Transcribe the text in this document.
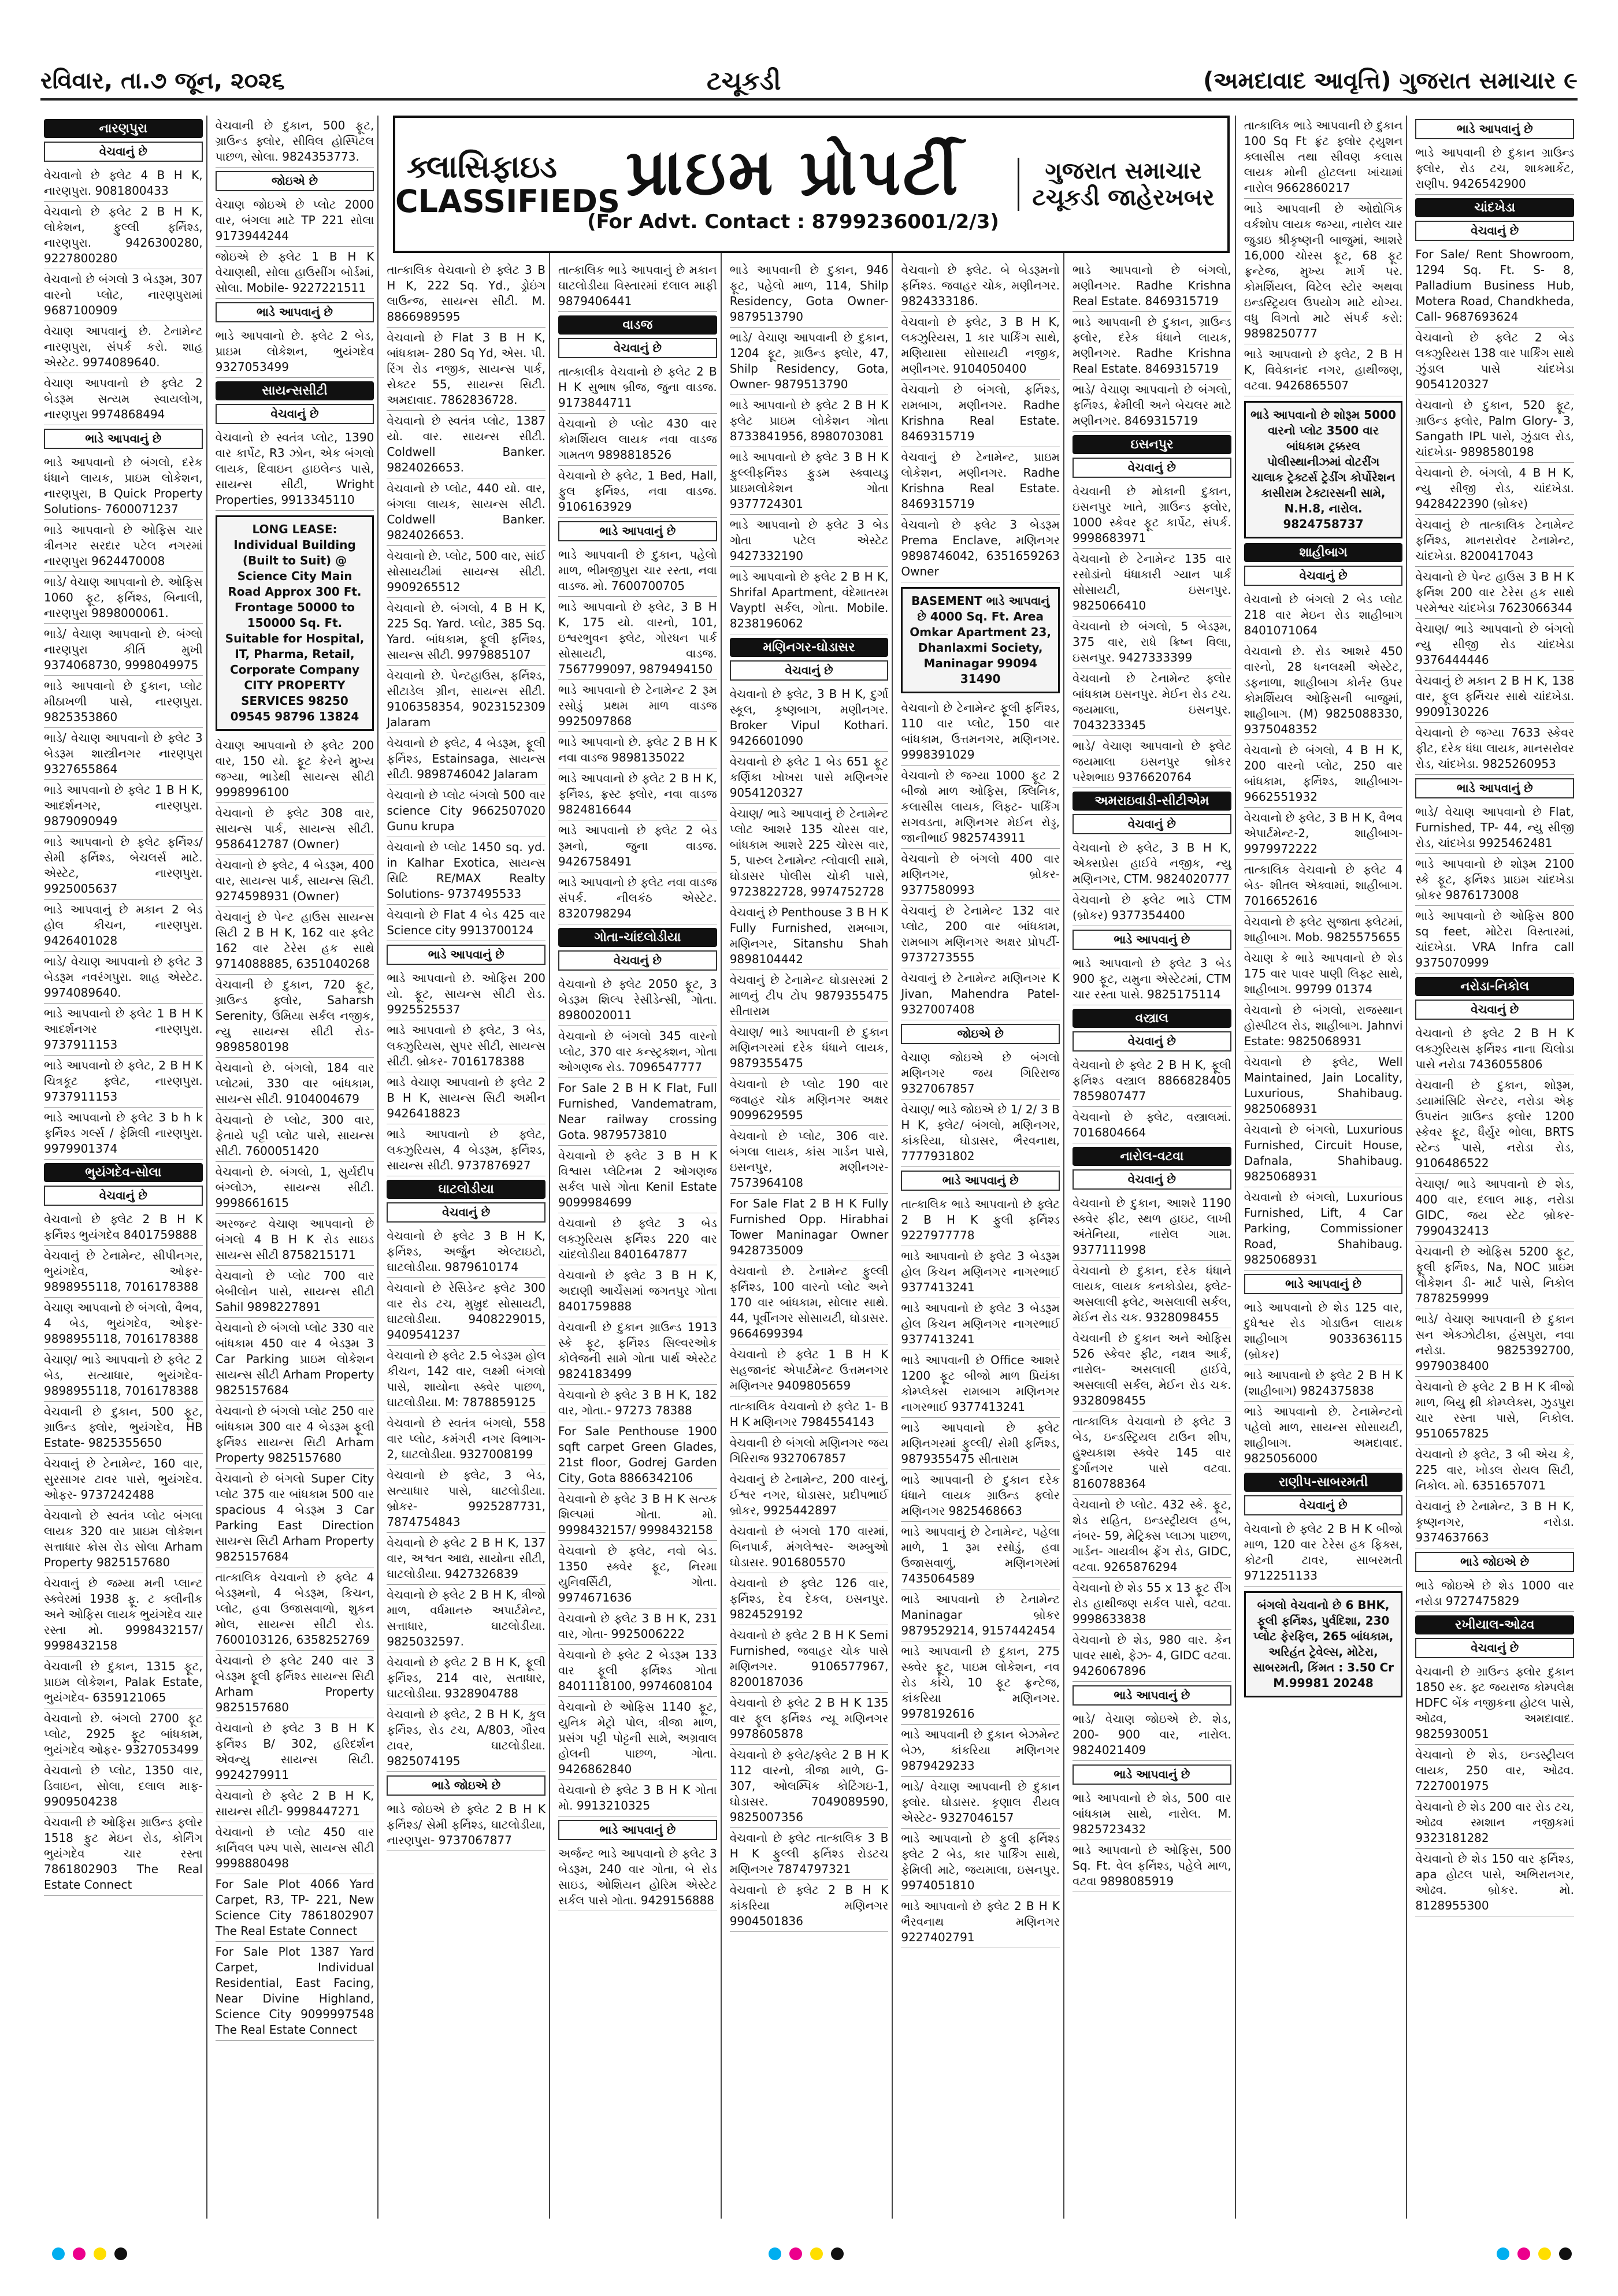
રવિવાર, તા.૭ જૂન, ૨૦૨૬	ટચૂકડી	(અમદાવાદ આવૃત્તિ) ગુજરાત સમાચાર ૯
નારણપુરા
વેચવાનું છે
વેચવાનો છે ફ્લેટ 4 B H K, નારણપુરા. 9081800433
વેચવાનો છે ફ્લેટ 2 B H K, લોકેશન, ફુલ્લી ફર્નિશ્ડ, નારણપુરા. 9426300280, 9227800280
વેચવાનો છે બંગલો 3 બેડરૂમ, 307 વારનો પ્લોટ, નારણપુરામાં 9687100909
વેચાણ આપવાનું છે. ટેનામેન્ટ નારણપુરા, સંપર્ક કરો. શાહ એસ્ટેટ. 9974089640.
વેચાણ આપવાનો છે ફ્લેટ 2 બેડરૂમ સત્યમ સ્વાયલોગ, નારણપુરા 9974868494
ભાડે આપવાનું છે
ભાડે આપવાનો છે બંગલો, દરેક ધંધાને લાયક, પ્રાઇમ લોકેશન, નારણપુરા, B Quick Property Solutions- 7600071237
ભાડે આપવાનો છે ઓફિસ ચાર ત્રીનગર સરદાર પટેલ નગરમાં નારણપુરા 9624470008
ભાડે/ વેચાણ આપવાનો છે. ઓફિસ 1060 ફૂટ, ફર્નિશ્ડ, બિનાલી, નારણપુરા 9898000061.
ભાડે/ વેચાણ આપવાનો છે. બંગ્લો નારણપુરા કીર્તિ મુખી 9374068730, 9998049975
ભાડે આપવાનો છે દુકાન, પ્લોટ મીઠાખળી પાસે, નારણપુરા. 9825353860
ભાડે/ વેચાણ આપવાનો છે ફ્લેટ 3 બેડરૂમ શાસ્ત્રીનગર નારણપુરા 9327655864
ભાડે આપવાનો છે ફ્લેટ 1 B H K, આદર્શનગર, નારણપુરા. 9879090949
ભાડે આપવાનો છે ફ્લેટ ફર્નિશ્ડ/ સેમી ફર્નિશ્ડ, બેચલર્સ માટે. એસ્ટેટ, નારણપુરા. 9925005637
ભાડે આપવાનું છે મકાન 2 બેડ હોલ કીચન, નારણપુરા. 9426401028
ભાડે/ વેચાણ આપવાનો છે ફ્લેટ 3 બેડરૂમ નવરંગપુરા. શાહ એસ્ટેટ. 9974089640.
ભાડે આપવાનો છે ફ્લેટ 1 B H K આદર્શનગર નારણપુરા. 9737911153
ભાડે આપવાનો છે ફ્લેટ, 2 B H K ચિત્રકૂટ ફ્લેટ, નારણપુરા. 9737911153
ભાડે આપવાનો છે ફ્લેટ 3 b h k ફર્નિશ્ડ ગર્લ્સ / ફેમિલી નારણપુરા. 9979901374
ભુયંગદેવ-સોલા
વેચવાનું છે
વેચવાનો છે ફ્લેટ 2 B H K ફર્નિશ્ડ ભુયંગદેવ 8401759888
વેચવાનું છે ટેનામેન્ટ, સીપીનગર, ભુયંગદેવ, ઓફર- 9898955118, 7016178388
વેચાણ આપવાનો છે બંગલો, વૈભવ, 4 બેડ, ભુયંગદેવ, ઓફર- 9898955118, 7016178388
વેચાણ/ ભાડે આપવાનો છે ફ્લેટ 2 બેડ, સત્યાધાર, ભુયંગદેવ- 9898955118, 7016178388
વેચવાની છે દુકાન, 500 ફૂટ, ગ્રાઉન્ડ ફ્લોર, ભુયંગદેવ, HB Estate- 9825355650
વેચવાનું છે ટેનામેન્ટ, 160 વાર, સુરસાગર ટાવર પાસે, ભુયંગદેવ. ઓફર- 9737242488
વેચવાનો છે સ્વતંત્ર પ્લોટ બંગલા લાયક 320 વાર પ્રાઇમ લોકેશન સત્તાધાર ક્રોસ રોડ સોલા Arham Property 9825157680
વેચવાનું છે જમ્યા મની પ્લાન્ટ સ્ક્વેરમાં 1938 ફૂ. ટ ક્લીનીક અને ઓફિસ લાયક ભુયંગદેવ ચાર રસ્તા મો. 9998432157/ 9998432158
વેચવાની છે દુકાન, 1315 ફૂટ, પ્રાઇમ લોકેશન, Palak Estate, ભુયંગદેવ- 6359121065
વેચવાનો છે. બંગલો 2700 ફૂટ પ્લોટ, 2925 ફૂટ બાંધકામ, ભુયંગદેવ ઓફર- 9327053499
વેચવાનો છે પ્લોટ, 1350 વાર, ડિવાઇન, સોલા, દલાલ માફ- 9909504238
વેચવાની છે ઓફિસ ગ્રાઉન્ડ ફ્લોર 1518 ફુટ મેઇન રોડ, કોર્નિંગ ભુયંગદેવ ચાર રસ્તા 7861802903 The Real Estate Connect
વેચવાની છે દુકાન, 500 ફૂટ, ગ્રાઉન્ડ ફ્લોર, સીવિલ હોસ્પિટલ પાછળ, સોલા. 9824353773.
જોઇએ છે
વેચાણ જોઇએ છે પ્લોટ 2000 વાર, બંગલા માટે TP 221 સોલા 9173944244
જોઇએ છે ફ્લેટ 1 B H K વેચાણથી, સોલા હાઉસીંગ બોર્ડમાં, સોલા. Mobile- 9227221511
ભાડે આપવાનું છે
ભાડે આપવાનો છે. ફ્લેટ 2 બેડ, પ્રાઇમ લોકેશન, ભુયંગદેવ 9327053499
સાયન્સસીટી
વેચવાનું છે
વેચવાનો છે સ્વતંત્ર પ્લોટ, 1390 વાર કાર્પેટ, R3 ઝોન, એક બંગલો લાયક, દિવાઇન હાઇલેન્ડ પાસે, સાયન્સ સીટી, Wright Properties, 9913345110
LONG LEASE: Individual Building (Built to Suit) @ Science City Main Road Approx 300 Ft. Frontage 50000 to 150000 Sq. Ft. Suitable for Hospital, IT, Pharma, Retail, Corporate Company CITY PROPERTY SERVICES 98250 09545 98796 13824
વેચાણ આપવાનો છે ફ્લેટ 200 વાર, 150 યો. ફૂટ કેરને મુખ્ય જગ્યા, ભાડેથી સાયન્સ સીટી 9998996100
વેચવાનો છે ફ્લેટ 308 વાર, સાયન્સ પાર્ક, સાયન્સ સીટી. 9586412787 (Owner)
વેચવાનો છે ફ્લેટ, 4 બેડરૂમ, 400 વાર, સાયન્સ પાર્ક, સાયન્સ સિટી. 9274598931 (Owner)
વેચવાનું છે પેન્ટ હાઉસ સાયન્સ સિટી 2 B H K, 162 વાર ફ્લેટ 162 વાર ટેરેસ હક સાથે 9714088885, 6351040268
વેચવાની છે દુકાન, 720 ફૂટ, ગ્રાઉન્ડ ફ્લોર, Saharsh Serenity, ઉમિયા સર્કલ નજીક, ન્યુ સાયન્સ સીટી રોડ- 9898580198
વેચવાનો છે. બંગલો, 184 વાર પ્લોટમાં, 330 વાર બાંધકામ, સાયન્સ સીટી. 9104004679
વેચવાનો છે પ્લોટ, 300 વાર, ફેતાયે પટ્ટી પ્લોટ પાસે, સાયન્સ સીટી. 7600051420
વેચવાનો છે. બંગલો, 1, સુર્યદીપ બંગ્લોઝ, સાયન્સ સીટી. 9998661615
અરજન્ટ વેચાણ આપવાનો છે બંગલો 4 B H K રોડ સાઇડ સાયન્સ સીટી 8758215171
વેચવાનો છે પ્લોટ 700 વાર બેબીલોન પાસે, સાયન્સ સીટી Sahil 9898227891
વેચવાનો છે બંગલો પ્લોટ 330 વાર બાંધકામ 450 વાર 4 બેડરૂમ 3 Car Parking પ્રાઇમ લોકેશન સાયન્સ સીટી Arham Property 9825157684
વેચવાનો છે બંગલો પ્લોટ 250 વાર બાંધકામ 300 વાર 4 બેડરૂમ ફૂલી ફર્નિશ્ડ સાયન્સ સિટી Arham Property 9825157680
વેચવાનો છે બંગલો Super City પ્લોટ 375 વાર બાંધકામ 500 વાર spacious 4 બેડરૂમ 3 Car Parking East Direction સાયન્સ સિટી Arham Property 9825157684
તાત્કાલિક વેચવાનો છે ફ્લેટ 4 બેડરૂમનો, 4 બેડરૂમ, કિચન, પ્લોટ, હવા ઉજાસવાળો, શુકન મોલ, સાયન્સ સીટી રોડ. 7600103126, 6358252769
વેચવાનો છે ફ્લેટ 240 વાર 3 બેડરૂમ ફૂલી ફર્નિશ્ડ સાયન્સ સિટી Arham Property 9825157680
વેચવાનો છે ફ્લેટ 3 B H K ફર્નિશ્ડ B/ 302, હરિદર્શન એવન્યુ સાયન્સ સિટી. 9924279911
વેચવાનો છે ફ્લેટ 2 B H K, સાયન્સ સીટી- 9998447271
વેચવાનો છે પ્લોટ 450 વાર કાર્નિવલ પમ્પ પાસે, સાયન્સ સીટી 9998880498
For Sale Plot 4066 Yard Carpet, R3, TP- 221, New Science City 7861802907 The Real Estate Connect
For Sale Plot 1387 Yard Carpet, Individual Residential, East Facing, Near Divine Highland, Science City 9099997548 The Real Estate Connect
તાત્કાલિક વેચવાનો છે ફ્લેટ 3 B H K, 222 Sq. Yd., ડ્રોઇંગ લાઉન્જ, સાયન્સ સીટી. M. 8866989595
વેચવાનો છે Flat 3 B H K, બાંધકામ- 280 Sq Yd, એસ. પી. રિંગ રોડ નજીક, સાયન્સ પાર્ક, સેક્ટર 55, સાયન્સ સિટી. અમદાવાદ. 7862836728.
વેચવાનો છે સ્વતંત્ર પ્લોટ, 1387 યો. વાર. સાયન્સ સીટી. Coldwell Banker. 9824026653.
વેચવાનો છે પ્લોટ, 440 યો. વાર, બંગલા લાયક, સાયન્સ સીટી. Coldwell Banker. 9824026653.
વેચવાનો છે. પ્લોટ, 500 વાર, સાંઈ સોસાયટીમાં સાયન્સ સીટી. 9909265512
વેચવાનો છે. બંગલો, 4 B H K, 225 Sq. Yard. પ્લોટ, 385 Sq. Yard. બાંધકામ, ફૂલી ફર્નિશ્ડ, સાયન્સ સીટી. 9979885107
વેચવાનો છે. પેન્ટહાઉસ, ફર્નિશ્ડ, સીટાડેલ ગ્રીન, સાયન્સ સીટી. 9106358354, 9023152309 Jalaram
વેચવાનો છે ફ્લેટ, 4 બેડરૂમ, ફૂલી ફર્નિશ્ડ, Estainsaga, સાયન્સ સીટી. 9898746042 Jalaram
વેચવાનો છે પ્લોટ બંગલો 500 વાર science City 9662507020 Gunu krupa
વેચવાનો છે પ્લોટ 1450 sq. yd. in Kalhar Exotica, સાયન્સ સિટિ RE/MAX Realty Solutions- 9737495533
વેચવાનો છે Flat 4 બેડ 425 વાર Science city 9913700124
ભાડે આપવાનું છે
ભાડે આપવાનો છે. ઓફિસ 200 યો. ફૂટ, સાયન્સ સીટી રોડ. 9925525537
ભાડે આપવાનો છે ફ્લેટ, 3 બેડ, લક્ઝુરિયસ, સુપર સીટી, સાયન્સ સીટી. બ્રોકર- 7016178388
ભાડે વેચાણ આપવાનો છે ફ્લેટ 2 B H K, સાયન્સ સિટી અમીન 9426418823
ભાડે આપવાનો છે ફ્લેટ, લક્ઝુરિયસ, 4 બેડરૂમ, ફર્નિશ્ડ, સાયન્સ સીટી. 9737876927
ઘાટલોડીયા
વેચવાનું છે
વેચવાનો છે ફ્લેટ 3 B H K, ફર્નિશ્ડ, અર્જુન એલ્ટાઇટો, ઘાટલોડીયા. 9879610174
વેચવાનો છે રેસિડેન્ટ ફ્લેટ 300 વાર રોડ ટચ, મુખ્રુદ સોસાયટી, ઘાટલોડીયા. 9408229015, 9409541237
વેચવાનો છે ફ્લેટ 2.5 બેડરૂમ હોલ કીચન, 142 વાર, લક્ષ્મી બંગલો પાસે, શાયોના સ્ક્વેર પાછળ, ઘાટલોડીયા. M: 7878859125
વેચવાનો છે સ્વતંત્ર બંગલો, 558 વાર પ્લોટ, કમંગરી નગર વિભાગ- 2, ઘાટલોડીયા. 9327008199
વેચવાનો છે ફ્લેટ, 3 બેડ, સત્યાધાર પાસે, ઘાટલોડીયા. બ્રોકર- 9925287731, 7874754843
વેચવાનો છે ફ્લેટ 2 B H K, 137 વાર, અશ્વત આદ્ય, સાયોના સીટી, ઘાટલોડીયા. 9427326839
વેચવાનો છે ફ્લેટ 2 B H K, ત્રીજો માળ, વર્ધમાનરુ અપાર્ટમેન્ટ, સત્તાધાર, ઘાટલોડીયા. 9825032597.
વેચવાનો છે ફ્લેટ 2 B H K, ફૂલી ફર્નિશ્ડ, 214 વાર, સતાધાર, ઘાટલોડીયા. 9328904788
વેચવાનો છે ફ્લેટ, 2 B H K, કુલ ફર્નિશ્ડ, રોડ ટચ, A/803, ગૌરવ ટાવર, ઘાટલોડીયા. 9825074195
ભાડે જોઇએ છે
ભાડે જોઇએ છે ફ્લેટ 2 B H K ફર્નિશ્ડ/ સેમી ફર્નિશ્ડ, ઘાટલોડીયા, નારણપુરા- 9737067877
તાત્કાલિક ભાડે આપવાનું છે મકાન ઘાટલોડીયા વિસ્તારમાં દલાલ માફી 9879406441
વાડજ
વેચવાનું છે
તાત્કાલીક વેચવાનો છે ફ્લેટ 2 B H K સુભાષ બ્રીજ, જુના વાડજ. 9173844711
વેચવાનો છે પ્લોટ 430 વાર કોમર્શિયલ લાયક નવા વાડજ ગામતળ 9898818526
વેચવાનો છે ફ્લેટ, 1 Bed, Hall, ફુલ ફર્નિશ્ડ, નવા વાડજ. 9106163929
ભાડે આપવાનું છે
ભાડે આપવાની છે દુકાન, પહેલો માળ, ભીમજીપુરા ચાર રસ્તા, નવા વાડજ. મો. 7600700705
ભાડે આપવાનો છે ફ્લેટ, 3 B H K, 175 યો. વારનો, 101, ઇશ્વરભુવન ફ્લેટ, ગોરધન પાર્ક સોસાયટી, વાડજ. 7567799097, 9879494150
ભાડે આપવાનો છે ટેનામેન્ટ 2 રૂમ રસોડું પ્રથમ માળ વાડજ 9925097868
ભાડે આપવાનો છે. ફ્લેટ 2 B H K નવા વાડજ 9898135022
ભાડે આપવાનો છે ફ્લેટ 2 B H K, ફર્નિશ્ડ, ફ્રસ્ટ ફ્લોર, નવા વાડજ 9824816644
ભાડે આપવાનો છે ફ્લેટ 2 બેડ રૂમનો, જુના વાડજ. 9426758491
ભાડે આપવાનો છે ફ્લેટ નવા વાડજ સંપર્ક. નીલકંઠ એસ્ટેટ. 8320798294
ગોતા-ચાંદલોડીયા
વેચવાનું છે
વેચવાનો છે ફ્લેટ 2050 ફૂટ, 3 બેડરૂમ શિલ્પ રેસીડેન્સી, ગોતા. 8980020011
વેચવાનો છે બંગલો 345 વારનો પ્લોટ, 370 વાર કન્સ્ટ્રક્શન, ગોતા ઓગણજ રોડ. 7096547777
For Sale 2 B H K Flat, Full Furnished, Vandematram, Near railway crossing Gota. 9879573810
વેચવાનો છે ફ્લેટ 3 B H K વિશ્વાસ પ્લેટિનમ 2 ઓગણજ સર્કલ પાસે ગોતા Kenil Estate 9099984699
વેચવાનો છે ફ્લેટ 3 બેડ લક્ઝુરિયસ ફર્નિશ્ડ 220 વાર ચાંદલોડીયા 8401647877
વેચવાનો છે ફ્લેટ 3 B H K, અદાણી આર્ચેસમાં જગતપુર ગોતા 8401759888
વેચવાની છે દુકાન ગ્રાઉન્ડ 1913 સ્કે ફૂટ, ફર્નિશ્ડ સિલ્વરઓક કોલેજની સામે ગોતા પાર્થ એસ્ટેટ 9824183499
વેચવાનો છે ફ્લેટ 3 B H K, 182 વાર, ગોતા.- 97273 78388
For Sale Penthouse 1900 sqft carpet Green Glades, 21st floor, Godrej Garden City, Gota 8866342106
વેચવાનો છે ફ્લેટ 3 B H K સત્ય્ક શિલ્પમાં ગોતા. મો. 9998432157/ 9998432158
વેચવાનો છે ફ્લેટ, નવો બેડ. 1350 સ્ક્વેર ફૂટ, નિરમા યુનિવર્સિટી, ગોતા. 9974671636
વેચવાનો છે ફ્લેટ 3 B H K, 231 વાર, ગોતા- 9925006222
વેચવાનો છે ફ્લેટ 2 બેડરૂમ 133 વાર ફૂલી ફર્નિશ્ડ ગોતા 8401118100, 9974608104
વેચવાનો છે ઓફિસ 1140 ફૂટ, યુનિક મેટ્રો પોલ, ત્રીજા માળ, પ્રસંગ પટ્ટી પોટ્ટની સામે, અગ્રવાલ હોલની પાછળ, ગોતા. 9426862840
વેચવાનો છે ફ્લેટ 3 B H K ગોતા મો. 9913210325
ભાડે આપવાનું છે
અર્જન્ટ ભાડે આપવાનો છે ફ્લેટ 3 બેડરૂમ, 240 વાર ગોતા, બે રોડ સાઇડ, ઓશિયન હોરિમ એસ્ટેટ સર્કલ પાસે ગોતા. 9429156888
ભાડે આપવાની છે દુકાન, 946 ફૂટ, પહેલો માળ, 114, Shilp Residency, Gota Owner- 9879513790
ભાડે/ વેચાણ આપવાની છે દુકાન, 1204 ફૂટ, ગ્રાઉન્ડ ફ્લોર, 47, Shilp Residency, Gota, Owner- 9879513790
ભાડે આપવાનો છે ફ્લેટ 2 B H K ફ્લેટ પ્રાઇમ લોકેશન ગોતા 8733841956, 8980703081
ભાડે આપવાનો છે ફ્લેટ 3 B H K ફુલ્લીફર્નિશ્ડ ફુડમ સ્ક્વાયડુ પ્રાઇમલોકેશન ગોતા 9377724301
ભાડે આપવાનો છે ફ્લેટ 3 બેડ ગોતા પટેલ એસ્ટેટ 9427332190
ભાડે આપવાનો છે ફ્લેટ 2 B H K, Shrifal Apartment, વંદેમાતરમ Vayptl સર્કલ, ગોતા. Mobile. 8238196062
મણિનગર-ઘોડાસર
વેચવાનું છે
વેચવાનો છે ફ્લેટ, 3 B H K, દુર્ગા સ્કૂલ, કૃષ્ણબાગ, મણીનગર. Broker Vipul Kothari. 9426601090
વેચવાનો છે ફ્લેટ 1 બેડ 651 ફૂટ કર્ણિકા ખોખરા પાસે મણિનગર 9054120327
વેચાણ/ ભાડે આપવાનું છે ટેનામેન્ટ પ્લોટ આશરે 135 ચોરસ વાર, બાંધકામ આશરે 225 ચોરસ વાર, 5, પારુલ ટેનામેન્ટ ત્લોવાલી સામે, ઘોડાસર પોલીસ ચોકી પાસે, 9723822728, 9974752728
વેચવાનું છે Penthouse 3 B H K Fully Furnished, રામબાગ, મણિનગર, Sitanshu Shah 9898104442
વેચવાનું છે ટેનામેન્ટ ઘોડાસરમાં 2 માળનું ટીપ ટોપ 9879355475 સીતારામ
વેચાણ/ ભાડે આપવાની છે દુકાન મણિનગરમાં દરેક ધંધાને લાયક, 9879355475
વેચવાનો છે પ્લોટ 190 વાર જવાહર ચોક મણિનગર અક્ષર 9099629595
વેચવાનો છે પ્લોટ, 306 વાર. બંગલા લાયક, કાંસ ગાર્ડન પાસે, ઇસનપુર, મણીનગર- 7573964108
For Sale Flat 2 B H K Fully Furnished Opp. Hirabhai Tower Maninagar Owner 9428735009
વેચવાનો છે. ટેનામેન્ટ ફુલ્લી ફર્નિશ્ડ, 100 વારનો પ્લોટ અને 170 વાર બાંધકામ, સોલાર સાથે. 44, પૂર્વીનગર સોસાયટી, ઘોડાસર. 9664699394
વેચવાનો છે ફ્લેટ 1 B H K સહજાનંદ એપાર્ટમેન્ટ ઉત્તમનગર મણિનગર 9409805659
તાત્કાલિક વેચવાનો છે ફ્લેટ 1- B H K મણિનગર 7984554143
વેચવાની છે બંગલો મણિનગર જય ગિરિરાજ 9327067857
વેચવાનું છે ટેનામેન્ટ, 200 વારનું, ઈશ્વર નગર, ઘોડાસર, પ્રદીપભાઈ બ્રોકર, 9925442897
વેચવાનો છે બંગલો 170 વારમાં, બિનપાર્ક, મંગલેશ્વર- અમ્બુઓ ઘોડાસર. 9016805570
વેચવાનો છે ફ્લેટ 126 વાર, ફર્નિશ્ડ, દેવ દેકલ, ઇસનપુર. 9824529192
વેચવાનો છે ફ્લેટ 2 B H K Semi Furnished, જવાહર ચોક પાસે મણિનગર. 9106577967, 8200187036
વેચવાનો છે ફ્લેટ 2 B H K 135 વાર ફૂલ ફર્નિશ્ડ ન્યૂ મણિનગર 9978605878
વેચવાનો છે ફલેટ/ફ્લેટ 2 B H K 112 વારનો, ત્રીજા માળે, G- 307, ઓલમ્પિક કોટિંગઇ-1, ઘોડાસર. 7049089590, 9825007356
વેચવાનો છે ફ્લેટ તાત્કાલિક 3 B H K ફુલ્લી ફર્નિશ્ડ રોડટચ મણિનગર 7874797321
વેચવાનો છે ફ્લેટ 2 B H K કાંકરિયા મણિનગર 9904501836
વેચવાનો છે ફ્લેટ. બે બેડરૂમનો ફર્નિશ્ડ. જવાહર ચોક, મણીનગર. 9824333186.
વેચવાનો છે ફ્લેટ, 3 B H K, લક્ઝુરિયસ, 1 કાર પાર્કિંગ સાથે, મણિયાસા સોસાયટી નજીક, મણીનગર. 9104050400
વેચવાનો છે બંગલો, ફર્નિશ્ડ, રામબાગ, મણીનગર. Radhe Krishna Real Estate. 8469315719
વેચવાનું છે ટેનામેન્ટ, પ્રાઇમ લોકેશન, મણીનગર. Radhe Krishna Real Estate. 8469315719
વેચવાનો છે ફ્લેટ 3 બેડરૂમ Prema Enclave, મણિનગર 9898746042, 6351659263 Owner
BASEMENT ભાડે આપવાનું છે 4000 Sq. Ft. Area Omkar Apartment 23, Dhanlaxmi Society, Maninagar 99094 31490
વેચવાનો છે ટેનામેન્ટ ફૂલી ફર્નિશ્ડ, 110 વાર પ્લોટ, 150 વાર બાંધકામ, ઉત્તમનગર, મણિનગર. 9998391029
વેચવાનો છે જગ્યા 1000 ફૂટ 2 બીજો માળ ઓફિસ, ક્લિનિક, કલાસીસ લાયક, લિફ્ટ- પાર્કિંગ સગવડતા, મણિનગર મેઈન રોડ્ડ, જાનીભાઈ 9825743911
વેચવાનો છે બંગલો 400 વાર મણિનગર, બ્રોકર- 9377580993
વેચવાનું છે ટેનામેન્ટ 132 વાર પ્લોટ, 200 વાર બાંધકામ, રામબાગ મણિનગર અક્ષર પ્રોપર્ટી- 9737273555
વેચવાનું છે ટેનામેન્ટ મણિનગર K Jivan, Mahendra Patel- 9327007408
જોઇએ છે
વેચાણ જોઇએ છે બંગલો મણિનગર જય ગિરિરાજ 9327067857
વેચાણ/ ભાડે જોઇએ છે 1/ 2/ 3 B H K, ફ્લેટ/ બંગલો, મણિનગર, કાંકરિયા, ઘોડાસર, ભૈરવનાથ, 7777931802
ભાડે આપવાનું છે
તાત્કાલિક ભાડે આપવાનો છે ફ્લેટ 2 B H K ફુલી ફર્નિશ્ડ 9227977778
ભાડે આપવાનો છે ફ્લેટ 3 બેડરૂમ હોલ કિચન મણિનગર નાગરભાઈ 9377413241
ભાડે આપવાનો છે ફ્લેટ 3 બેડરૂમ હોલ કિચન મણિનગર નાગરભાઈ 9377413241
ભાડે આપવાની છે Office આશરે 1200 ફૂટ બીજો માળ પ્રિયંકા કોમ્પ્લેક્સ રામબાગ મણિનગર નાગરભાઈ 9377413241
ભાડે આપવાનો છે ફ્લેટ મણિનગરમાં ફુલ્લી/ સેમી ફર્નિશ્ડ, 9879355475 સીતારામ
ભાડે આપવાની છે દુકાન દરેક ધંધાને લાયક ગ્રાઉન્ડ ફ્લોર મણિનગર 9825468663
ભાડે આપવાનું છે ટેનામેન્ટ, પહેલા માળે, 1 રૂમ રસોડું, હવા ઉજાસવાળું, મણિનગરમાં 7435064589
ભાડે આપવાનો છે ટેનામેન્ટ Maninagar બ્રોકર 9879529214, 9157442454
ભાડે આપવાની છે દુકાન, 275 સ્ક્વેર ફૂટ, પાઇમ લોકેશન, નવ રોડ કાંચે, 10 ફૂટ ફ્રન્ટેજ, કાંકરિયા મણિનગર. 9978192616
ભાડે આપવાની છે દુકાન બેઝમેન્ટ બેઝ, કાંકરિયા મણિનગર 9879429233
ભાડે/ વેચાણ આપવાની છે દુકાન ફ્લોર. ઘોડાસર. કૃણાલ રીયલ એસ્ટેટ- 9327046157
ભાડે આપવાનો છે ફુલી ફર્નિશ્ડ ફ્લેટ 2 બેડ, કાર પાર્કિંગ સાથે, ફેમિલી માટે, જયમાલા, ઇસનપુર. 9974051810
ભાડે આપવાનો છે ફ્લેટ 2 B H K ભૈરવનાથ મણિનગર 9227402791
ભાડે આપવાનો છે બંગલો, મણીનગર. Radhe Krishna Real Estate. 8469315719
ભાડે આપવાની છે દુકાન, ગ્રાઉન્ડ ફ્લોર, દરેક ધંધાને લાયક, મણીનગર. Radhe Krishna Real Estate. 8469315719
ભાડે/ વેચાણ આપવાનો છે બંગલો, ફર્નિશ્ડ, ક્રેમીલી અને બેચલર માટે મણીનગર. 8469315719
ઇસનપુર
વેચવાનું છે
વેચવાની છે મોકાની દુકાન, ઇસનપુર ખાતે, ગ્રાઉન્ડ ફ્લોર, 1000 સ્કેવર ફૂટ કાર્પેટ, સંપર્ક. 9998683971
વેચવાનો છે ટેનામેન્ટ 135 વાર રસોડાંનો ધંધાકારી ગ્યાન પાર્ક સોસાયટી, ઇસનપુર. 9825066410
વેચવાનો છે બંગલો, 5 બેડરૂમ, 375 વાર, રાધે ક્રિષ્ન વિલા, ઇસનપુર. 9427333399
વેચવાનો છે ટેનામેન્ટ ફ્લોર બાંધકામ ઇસનપુર. મેઈન રોડ ટચ. જયમાલા, ઇસનપુર. 7043233345
ભાડે/ વેચાણ આપવાનો છે ફ્લેટ જયમાલા ઇસનપુર બ્રોકર પરેશભાઇ 9376620764
અમરાઇવાડી-સીટીએમ
વેચવાનું છે
વેચવાનો છે ફ્લેટ, 3 B H K, એક્સપ્રેસ હાઈવે નજીક, ન્યુ મણિનગર, CTM. 9824020777
વેચવાનો છે ફ્લેટ ભાડે CTM (બ્રોકર) 9377354400
ભાડે આપવાનું છે
ભાડે આપવાનો છે ફ્લેટ 3 બેડ 900 ફૂટ, યમુના એસ્ટેટમાં, CTM ચાર રસ્તા પાસે. 9825175114
વસ્ત્રાલ
વેચવાનું છે
વેચવાનો છે ફ્લેટ 2 B H K, ફૂલી ફર્નિશ્ડ વસ્ત્રાલ 8866828405 7859807477
વેચવાનો છે ફ્લેટ, વસ્ત્રાલમાં. 7016804664
નારોલ-વટવા
વેચવાનું છે
વેચવાનો છે દુકાન, આશરે 1190 સ્ક્વેર ફીટ, સ્થળ હાઇટ, લાખી અંતેનિયા, નારોલ ગામ. 9377111998
વેચવાનો છે દુકાન, દરેક ધંધાને લાયક, લાયક કનકોડોય, ફ્લેટ- અસલાલી ફ્લેટ, અસલાલી સર્કલ, મેઈન રોડ ચક. 9328098455
વેચવાની છે દુકાન અને ઓફિસ 526 સ્કેવર ફીટ, નક્ષત્ર આર્ક, નારોલ- અસલાલી હાઈવે, અસલાલી સર્કલ, મેઈન રોડ ચક. 9328098455
તાત્કાલિક વેચવાનો છે ફ્લેટ 3 બેડ, ઇન્ડસ્ટ્રિયલ ટાઉન શીપ, હુશ્યકાશ સ્ક્વેર 145 વાર દુર્ગાનગર પાસે વટવા. 8160788364
વેચવાનો છે પ્લોટ. 432 સ્કે. ફૂટ, શેડ સહિત, ઇન્ડસ્ટ્રીયલ હબ, નંબર- 59, મેટ્રિક્સ પ્લાઝા પાછળ, ગાર્ડન- ગાયત્રીબ ફ્રેંગ રોડ, GIDC, વટવા. 9265876294
વેચવાનો છે શેડ 55 x 13 ફૂટ રીંગ રોડ હાથીજણ સર્કલ પાસે, વટવા. 9998633838
વેચવાનો છે શેડ, 980 વાર. કેન પાવર સાથે, ફેઝ- 4, GIDC વટવા. 9426067896
ભાડે આપવાનું છે
ભાડે/ વેચાણ જોઇએ છે. શેડ, 200- 900 વાર, નારોલ. 9824021409
ભાડે આપવાનું છે
ભાડે આપવાનો છે શેડ, 500 વાર બાંધકામ સાથે, નારોલ. M. 9825723432
ભાડે આપવાનો છે ઓફિસ, 500 Sq. Ft. વેલ ફર્નિશ્ડ, પહેલે માળ, વટવા 9898085919
તાત્કાલિક ભાડે આપવાની છે દુકાન 100 Sq Ft ફ્રંટ ફ્લોર ટ્યુશન ક્લાસીસ તથા સીવણ કલાસ લાયક મોની હોટલના ખાંચામાં નારોલ 9662860217
ભાડે આપવાની છે ઓદ્યોગિક વર્કશોપ લાયક જગ્યા, નારોલ ચાર જુડાઇ શ્રીકૃષ્ણની બાજુમાં, આશરે 16,000 ચોરસ ફૂટ, 68 ફૂટ ફ્રન્ટેજ, મુખ્ય માર્ગ પર. કોમર્શિયલ, વિટેલ સ્ટોર અથવા ઇન્ડસ્ટ્રિયલ ઉપયોગ માટે યોગ્ય. વધુ વિગતો માટે સંપર્ક કરો: 9898250777
ભાડે આપવાનો છે ફ્લેટ, 2 B H K, વિવેકાનંદ નગર, હાથીજણ, વટવા. 9426865507
ભાડે આપવાનો છે શોરૂમ 5000 વારનો પ્લોટ 3500 વાર બાંધકામ ટ્રક્કરલ પોલીસ્થાનીઝમાં વોટરીંગ ચાલાક ટ્રેક્ટર્સ ટ્રેડીંગ કોર્પોરેશન કાસીરામ ટેક્ટારસની સામે, N.H.8, નારોલ. 9824758737
શાહીબાગ
વેચવાનું છે
વેચવાનો છે બંગલો 2 બેડ પ્લોટ 218 વાર મેઇન રોડ શાહીબાગ 8401071064
વેચવાનો છે. રોડ આશરે 450 વારનો, 28 ધનલક્ષ્મી એસ્ટેટ, ડફનાળા, શાહીબાગ કોર્નર ઉપર કોમર્શિયલ ઓફિસની બાજુમાં, શાહીબાગ. (M) 9825088330, 9375048352
વેચવાનો છે બંગલો, 4 B H K, 200 વારનો પ્લોટ, 250 વાર બાંધકામ, ફર્નિશ્ડ, શાહીબાગ- 9662551932
વેચવાનો છે ફ્લેટ, 3 B H K, વૈભવ એપાર્ટમેન્ટ-2, શાહીબાગ- 9979972222
તાત્કાલિક વેચવાનો છે ફ્લેટ 4 બેડ- શીતલ એક્વામાં, શાહીબાગ. 7016652616
વેચવાનો છે ફ્લેટ સુજાતા ફ્લેટમાં, શાહીબાગ. Mob. 9825575655
વેચાણ કે ભાડે આપવાનો છે શેડ 175 વાર પાવર પાણી લિફ્ટ સાથે, શાહીબાગ. 99799 01374
વેચવાનો છે બંગલો, રાજસ્થાન હોસ્પીટલ રોડ, શાહીબાગ. Jahnvi Estate: 9825068931
વેચવાનો છે ફ્લેટ, Well Maintained, Jain Locality, Luxurious, Shahibaug. 9825068931
વેચવાનો છે બંગલો, Luxurious Furnished, Circuit House, Dafnala, Shahibaug. 9825068931
વેચવાનો છે બંગલો, Luxurious Furnished, Lift, 4 Car Parking, Commissioner Road, Shahibaug. 9825068931
ભાડે આપવાનું છે
ભાડે આપવાનો છે શેડ 125 વાર, દુધેશ્વર રોડ ગોડાઉન લાયક શાહીબાગ 9033636115 (બ્રોકર)
ભાડે આપવાનો છે ફ્લેટ 2 B H K (શાહીબાગ) 9824375838
ભાડે આપવાનો છે. ટેનામેન્ટનો પહેલો માળ, સાયન્સ સોસાયટી, શાહીબાગ. અમદાવાદ. 9825056000
રાણીપ-સાબરમતી
વેચવાનું છે
વેચવાનો છે ફ્લેટ 2 B H K બીજો માળ, 120 વાર ટેરેસ હક ફિક્સ, કોટની ટાવર, સાબરમતી 9712251133
બંગલો વેચવાનો છે 6 BHK, ફૂલી ફર્નિશ્ડ, પુર્વદિશા, 230 પ્લોટ ફેરફિલ, 265 બાંધકામ, અરિહંત ટ્રેવેલ્સ, મોટેરા, સાબરમતી, કિંમત : 3.50 Cr M.99981 20248
ભાડે આપવાનું છે
ભાડે આપવાની છે દુકાન ગ્રાઉન્ડ ફ્લોર, રોડ ટચ, શાકમાર્કેટ, રાણીપ. 9426542900
ચાંદખેડા
વેચવાનું છે
For Sale/ Rent Showroom, 1294 Sq. Ft. S- 8, Palladium Business Hub, Motera Road, Chandkheda, Call- 9687693624
વેચવાનો છે ફ્લેટ 2 બેડ લક્ઝુરિયસ 138 વાર પાર્કિંગ સાથે ઝુંડાલ પાસે ચાંદખેડા 9054120327
વેચવાનો છે દુકાન, 520 ફૂટ, ગ્રાઉન્ડ ફ્લોર, Palm Glory- 3, Sangath IPL પાસે, ઝુંડાલ રોડ, ચાંદખેડા- 9898580198
વેચવાનો છે. બંગલો, 4 B H K, ન્યુ સીજી રોડ, ચાંદખેડા. 9428422390 (બ્રોકર)
વેચવાનું છે તાત્કાલિક ટેનામેન્ટ ફર્નિશ્ડ, માનસરોવર ટેનામેન્ટ, ચાંદખેડા. 8200417043
વેચવાનો છે પેન્ટ હાઉસ 3 B H K ફર્નિશ 200 વાર ટેરેસ હક સાથે પરમેશ્વર ચાંદખેડા 7623066344
વેચાણ/ ભાડે આપવાનો છે બંગલો ન્યુ સીજી રોડ ચાંદખેડા 9376444446
વેચવાનું છે મકાન 2 B H K, 138 વાર, ફૂલ ફર્નિચર સાથે ચાંદખેડા. 9909130226
વેચવાનો છે જગ્યા 7633 સ્કેવર ફીટ, દરેક ધંધા લાયક, માનસરોવર રોડ, ચાંદખેડા. 9825260953
ભાડે આપવાનું છે
ભાડે/ વેચાણ આપવાનો છે Flat, Furnished, TP- 44, ન્યુ સીજી રોડ, ચાંદખેડા 9925462481
ભાડે આપવાનો છે શોરૂમ 2100 સ્કે ફૂટ, ફર્નિશ્ડ પ્રાઇમ ચાંદખેડા બ્રોકર 9876173008
ભાડે આપવાનો છે ઓફિસ 800 sq feet, મોટેરા વિસ્તારમાં, ચાંદખેડા. VRA Infra call 9375070999
નરોડા-નિકોલ
વેચવાનું છે
વેચવાનો છે ફ્લેટ 2 B H K લક્ઝુરિયસ ફર્નિશ્ડ નાના ચિલોડા પાસે નરોડા 7436055806
વેચવાની છે દુકાન, શોરૂમ, ડયામાંસિટિ સેન્ટર, નરોડા એફ ઉપરાંત ગ્રાઉન્ડ ફ્લોર 1200 સ્કેવર ફૂટ, ધૈર્યુર ભોલા, BRTS સ્ટેન્ડ પાસે, નરોડા રોડ, 9106486522
વેચાણ/ ભાડે આપવાનો છે શેડ, 400 વાર, દલાલ માફ, નરોડા GIDC, જય સ્ટેટ બ્રોકર- 7990432413
વેચવાની છે ઓફિસ 5200 ફૂટ, ફૂલી ફર્નિશ્ડ, Na, NOC પ્રાઇમ લોકેશન ડી- માર્ટ પાસે, નિકોલ 7878259999
ભાડે/ વેચાણ આપવાની છે દુકાન સન એક્ઝોટીકા, હંસપુરા, નવા નરોડા. 9825392700, 9979038400
વેચવાનો છે ફ્લેટ 2 B H K ત્રીજો માળ, બિયુ થ્રી કોમ્પ્લેક્સ, ઝુડપુરા ચાર રસ્તા પાસે, નિકોલ. 9510657825
વેચવાનો છે ફ્લેટ, 3 બી એચ કે, 225 વાર, ખોડલ રોયલ સિટી, નિકોલ. મો. 6351657071
વેચવાનું છે ટેનામેન્ટ, 3 B H K, કૃષ્ણનગર, નરોડા. 9374637663
ભાડે જોઇએ છે
ભાડે જોઇએ છે શેડ 1000 વાર નરોડા 9727475829
રખીયાલ-ઓઢવ
વેચવાનું છે
વેચવાની છે ગ્રાઉન્ડ ફ્લોર દુકાન 1850 સ્ક. ફ્ટ જયરાજ કોમ્પલેક્ષ HDFC બેંક નજીકના હોટલ પાસે, ઓઢવ, અમદાવાદ. 9825930051
વેચવાનો છે શેડ, ઇન્ડસ્ટ્રીયલ લાયક, 250 વાર, ઓઢવ. 7227001975
વેચવાનો છે શેડ 200 વાર રોડ ટચ, ઓઢવ સ્મશાન નજીકમાં 9323181282
વેચવાનો છે શેડ 150 વાર ફર્નિશ્ડ, apa હોટલ પાસે, અભિરાનગર, ઓઢવ. બ્રોકર. મો. 8128955300
ક્લાસિફાઇડ CLASSIFIEDS પ્રાઇમ પ્રોપર્ટી
(For Advt. Contact : 8799236001/2/3)
ગુજરાત સમાચાર ટચૂકડી જાહેરખબર
